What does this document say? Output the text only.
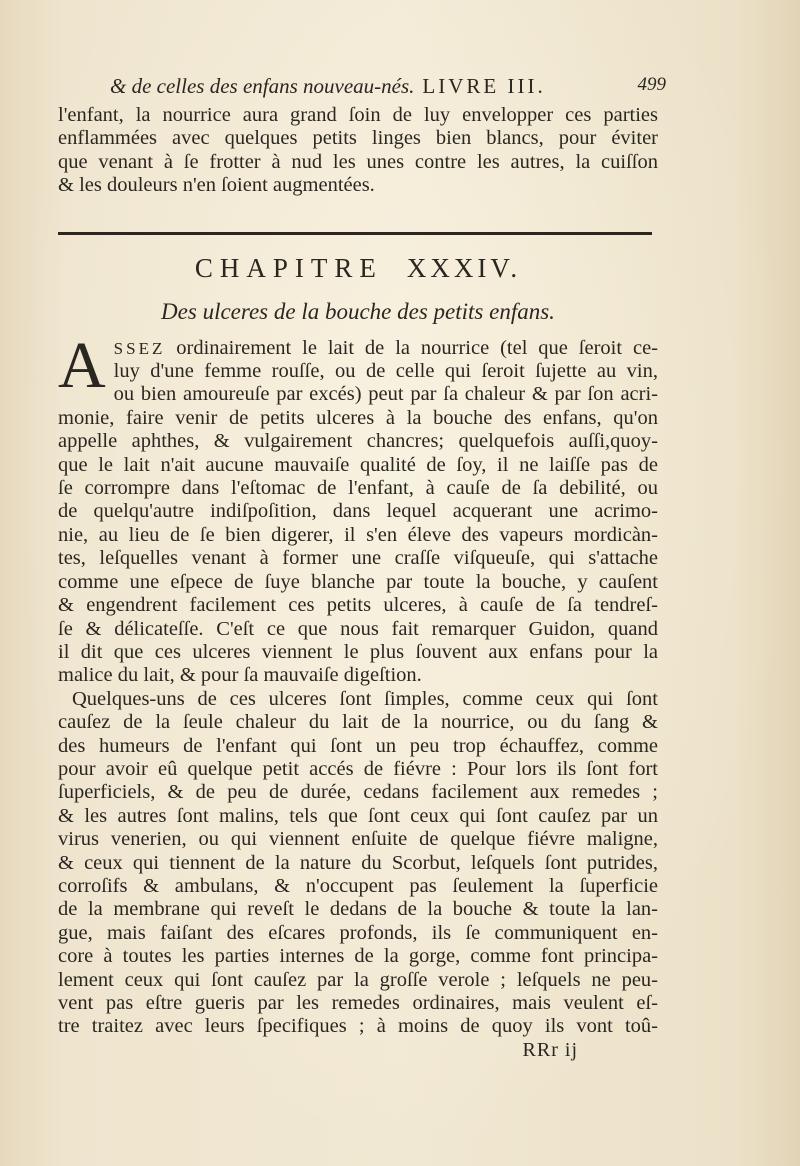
& de celles des enfans nouveau-nés. LIVRE III.	499

l'enfant, la nourrice aura grand ſoin de luy envelopper ces parties

enflammées avec quelques petits linges bien blancs, pour éviter

que venant à ſe frotter à nud les unes contre les autres, la cuiſſon

& les douleurs n'en ſoient augmentées.

CHAPITRE XXXIV.
Des ulceres de la bouche des petits enfans.
A SSEZ ordinairement le lait de la nourrice (tel que ſeroit ce-

luy d'une femme rouſſe, ou de celle qui ſeroit ſujette au vin,

ou bien amoureuſe par excés) peut par ſa chaleur & par ſon acri-

monie, faire venir de petits ulceres à la bouche des enfans, qu'on

appelle aphthes, & vulgairement chancres; quelquefois auſſi,quoy-

que le lait n'ait aucune mauvaiſe qualité de ſoy, il ne laiſſe pas de

ſe corrompre dans l'eſtomac de l'enfant, à cauſe de ſa debilité, ou

de quelqu'autre indiſpoſition, dans lequel acquerant une acrimo-

nie, au lieu de ſe bien digerer, il s'en éleve des vapeurs mordicàn-

tes, leſquelles venant à former une craſſe viſqueuſe, qui s'attache

comme une eſpece de ſuye blanche par toute la bouche, y cauſent

& engendrent facilement ces petits ulceres, à cauſe de ſa tendreſ-

ſe & délicateſſe. C'eſt ce que nous fait remarquer Guidon, quand

il dit que ces ulceres viennent le plus ſouvent aux enfans pour la

malice du lait, & pour ſa mauvaiſe digeſtion.

Quelques-uns de ces ulceres ſont ſimples, comme ceux qui ſont

cauſez de la ſeule chaleur du lait de la nourrice, ou du ſang &

des humeurs de l'enfant qui ſont un peu trop échauffez, comme

pour avoir eû quelque petit accés de fiévre : Pour lors ils ſont fort

ſuperficiels, & de peu de durée, cedans facilement aux remedes ;

& les autres ſont malins, tels que ſont ceux qui ſont cauſez par un

virus venerien, ou qui viennent enſuite de quelque fiévre maligne,

& ceux qui tiennent de la nature du Scorbut, leſquels ſont putrides,

corroſifs & ambulans, & n'occupent pas ſeulement la ſuperficie

de la membrane qui reveſt le dedans de la bouche & toute la lan-

gue, mais faiſant des eſcares profonds, ils ſe communiquent en-

core à toutes les parties internes de la gorge, comme font principa-

lement ceux qui ſont cauſez par la groſſe verole ; leſquels ne peu-

vent pas eſtre gueris par les remedes ordinaires, mais veulent eſ-

tre traitez avec leurs ſpecifiques ; à moins de quoy ils vont toû-

RRr ij
